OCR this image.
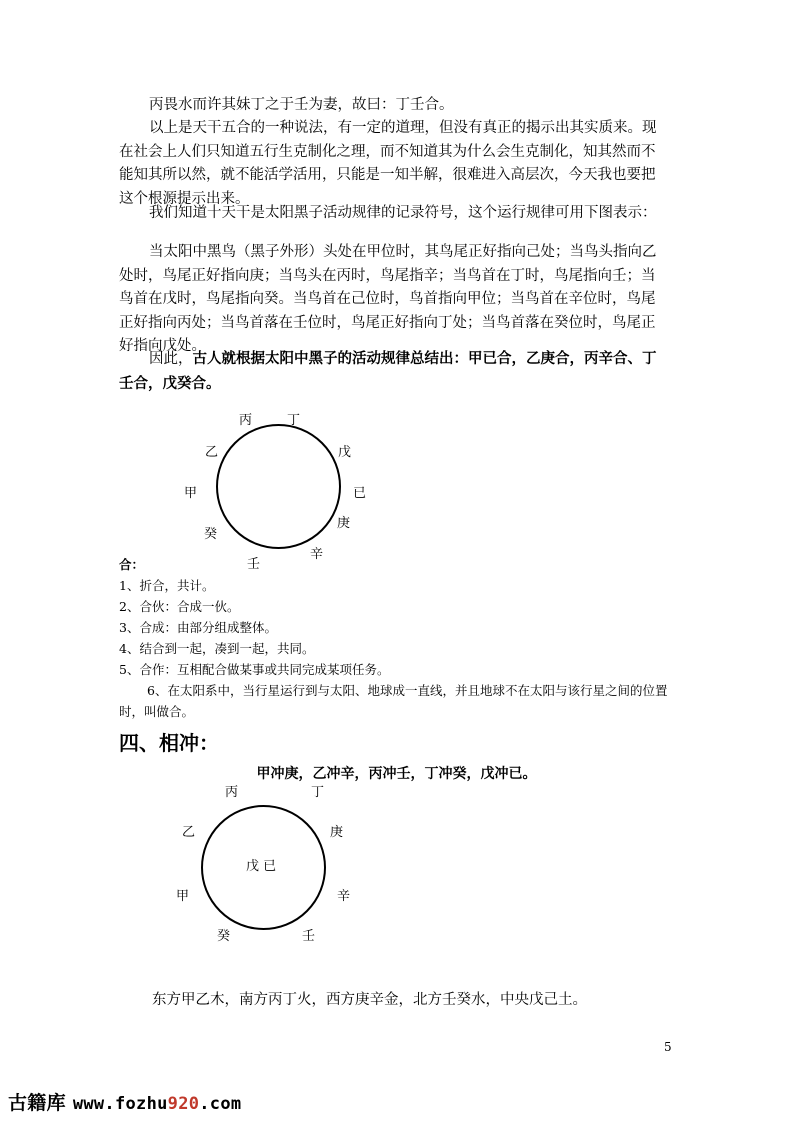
丙畏水而许其妹丁之于壬为妻，故曰：丁壬合。

以上是天干五合的一种说法，有一定的道理，但没有真正的揭示出其实质来。现在社会上人们只知道五行生克制化之理，而不知道其为什么会生克制化，知其然而不能知其所以然，就不能活学活用，只能是一知半解，很难进入高层次，今天我也要把这个根源提示出来。

我们知道十天干是太阳黑子活动规律的记录符号，这个运行规律可用下图表示：

当太阳中黑鸟（黑子外形）头处在甲位时，其鸟尾正好指向己处；当鸟头指向乙处时，鸟尾正好指向庚；当鸟头在丙时，鸟尾指辛；当鸟首在丁时，鸟尾指向壬；当鸟首在戊时，鸟尾指向癸。当鸟首在己位时，鸟首指向甲位；当鸟首在辛位时，鸟尾正好指向丙处；当鸟首落在壬位时，鸟尾正好指向丁处；当鸟首落在癸位时，鸟尾正好指向戊处。

因此，古人就根据太阳中黑子的活动规律总结出：甲已合，乙庚合，丙辛合、丁壬合，戊癸合。

丙	丁
乙	戊
甲	已
癸
庚
辛
壬

合：

1、折合，共计。

2、合伙：合成一伙。

3、合成：由部分组成整体。

4、结合到一起，凑到一起，共同。

5、合作：互相配合做某事或共同完成某项任务。

6、在太阳系中，当行星运行到与太阳、地球成一直线，并且地球不在太阳与该行星之间的位置时，叫做合。

四、相冲：

甲冲庚，乙冲辛，丙冲壬，丁冲癸，戊冲已。

丙	丁
乙	庚
戊 已
甲	辛
癸	壬

东方甲乙木，南方丙丁火，西方庚辛金，北方壬癸水，中央戊己土。

5
古籍库 www.fozhu920.com
